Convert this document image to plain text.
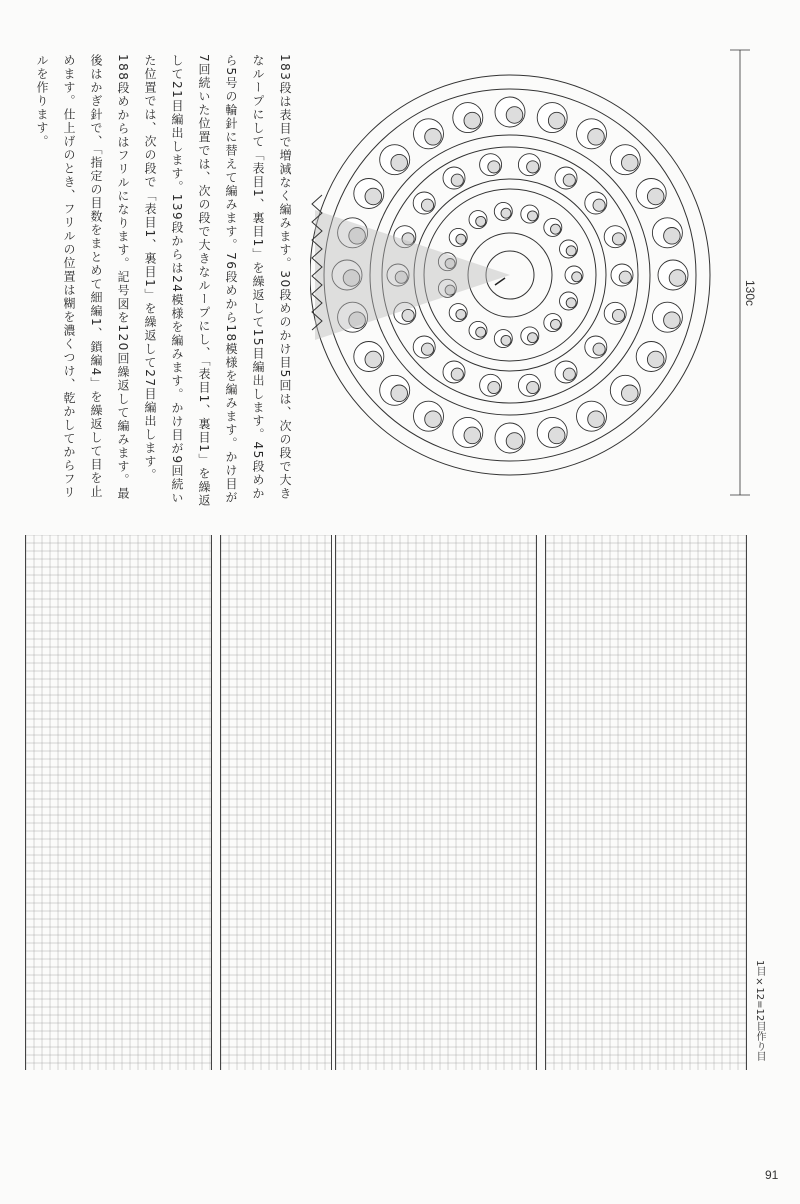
183段は表目で増減なく編みます。30段めのかけ目5回は、次の段で大きなループにして「表目1、裏目1」を繰返して15目編出します。45段めから5号の輪針に替えて編みます。76段めから18模様を編みます。かけ目が7回続いた位置では、次の段で大きなループにし、「表目1、裏目1」を繰返して21目編出します。139段からは24模様を編みます。かけ目が9回続いた位置では、次の段で「表目1、裏目1」を繰返して27目編出します。188段めからはフリルになります。記号図を120回繰返して編みます。最後はかぎ針で、「指定の目数をまとめて細編1、鎖編4」を繰返して目を止めます。仕上げのとき、フリルの位置は糊を濃くつけ、乾かしてからフリルを作ります。

130c
1目×12=12目作り目
91
